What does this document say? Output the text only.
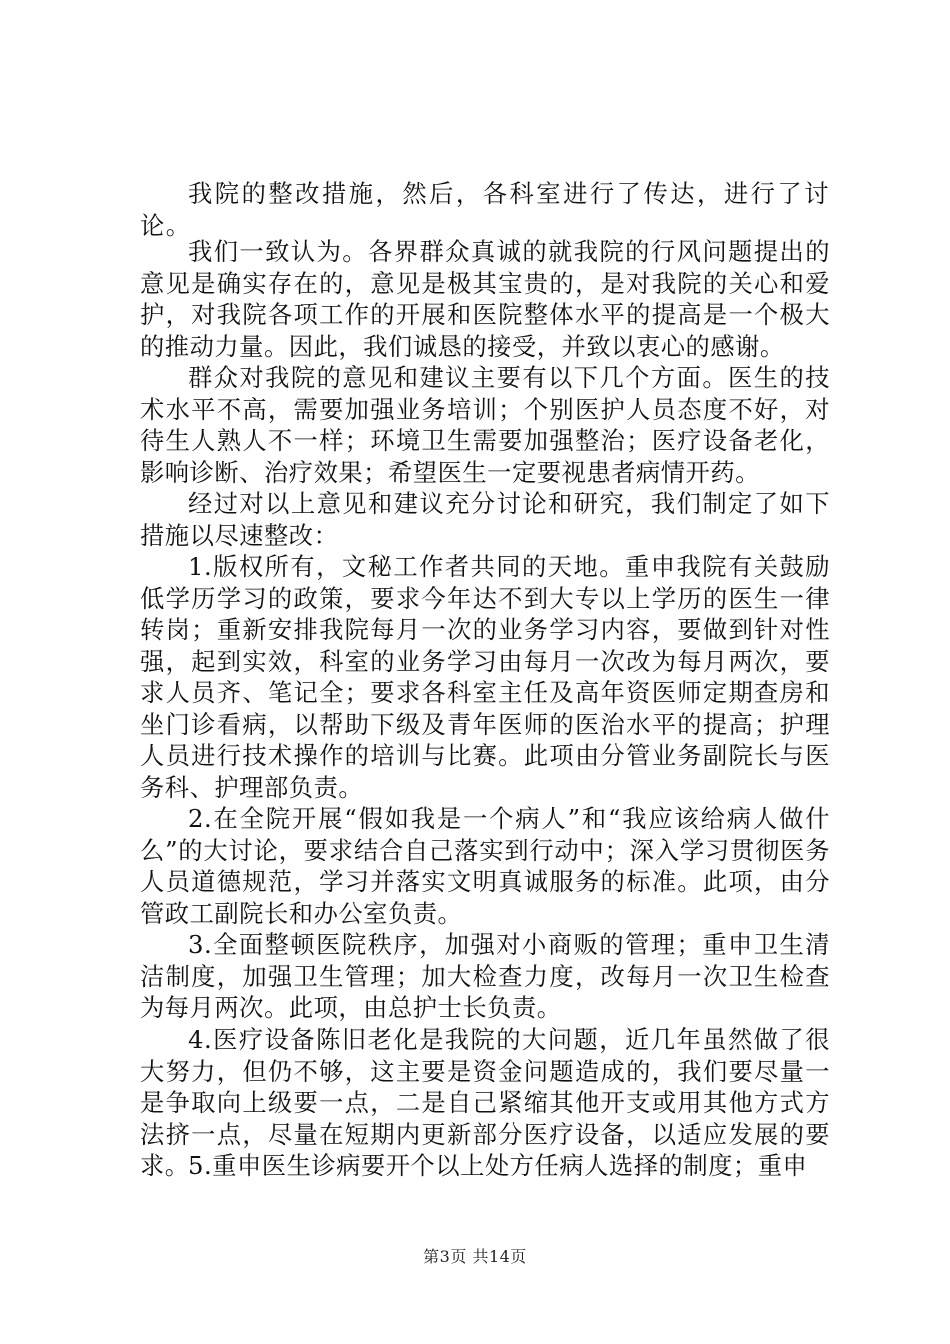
我院的整改措施，然后，各科室进行了传达，进行了讨论。

我们一致认为。各界群众真诚的就我院的行风问题提出的意见是确实存在的，意见是极其宝贵的，是对我院的关心和爱护，对我院各项工作的开展和医院整体水平的提高是一个极大的推动力量。因此，我们诚恳的接受，并致以衷心的感谢。

群众对我院的意见和建议主要有以下几个方面。医生的技术水平不高，需要加强业务培训；个别医护人员态度不好，对待生人熟人不一样；环境卫生需要加强整治；医疗设备老化，影响诊断、治疗效果；希望医生一定要视患者病情开药。

经过对以上意见和建议充分讨论和研究，我们制定了如下措施以尽速整改：

1.版权所有，文秘工作者共同的天地。重申我院有关鼓励低学历学习的政策，要求今年达不到大专以上学历的医生一律转岗；重新安排我院每月一次的业务学习内容，要做到针对性强，起到实效，科室的业务学习由每月一次改为每月两次，要求人员齐、笔记全；要求各科室主任及高年资医师定期查房和坐门诊看病，以帮助下级及青年医师的医治水平的提高；护理人员进行技术操作的培训与比赛。此项由分管业务副院长与医务科、护理部负责。

2.在全院开展“假如我是一个病人”和“我应该给病人做什么”的大讨论，要求结合自己落实到行动中；深入学习贯彻医务人员道德规范，学习并落实文明真诚服务的标准。此项，由分管政工副院长和办公室负责。

3.全面整顿医院秩序，加强对小商贩的管理；重申卫生清洁制度，加强卫生管理；加大检查力度，改每月一次卫生检查为每月两次。此项，由总护士长负责。

4.医疗设备陈旧老化是我院的大问题，近几年虽然做了很大努力，但仍不够，这主要是资金问题造成的，我们要尽量一是争取向上级要一点，二是自己紧缩其他开支或用其他方式方法挤一点，尽量在短期内更新部分医疗设备，以适应发展的要求。

5.重申医生诊病要开个以上处方任病人选择的制度；重申

第3页 共14页
